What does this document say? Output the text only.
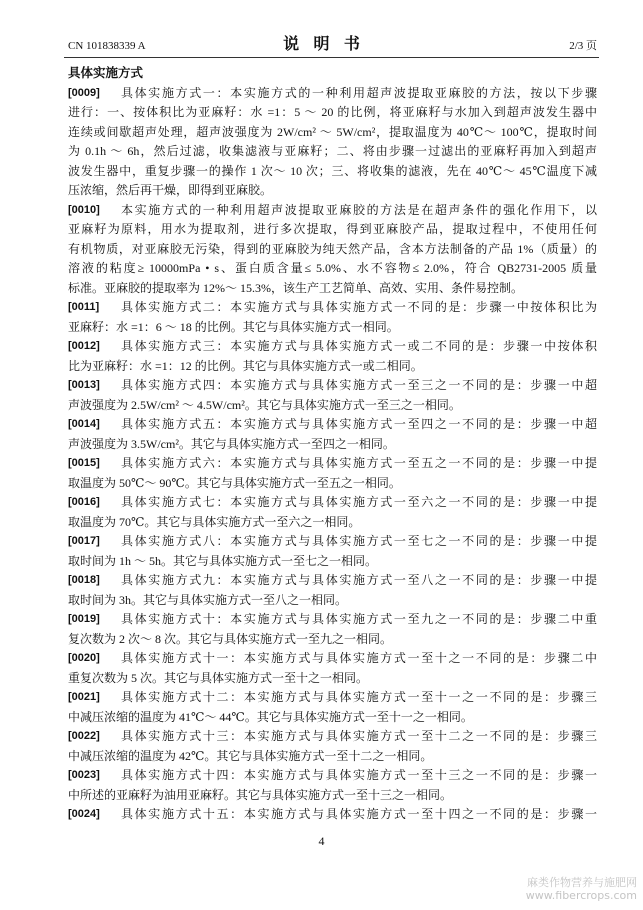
CN 101838339 A	说明书	2/3 页
具体实施方式
[0009]	具体实施方式一：本实施方式的一种利用超声波提取亚麻胶的方法，按以下步骤
进行：一、按体积比为亚麻籽：水 =1：5 ～ 20 的比例，将亚麻籽与水加入到超声波发生器中
连续或间歇超声处理，超声波强度为 2W/cm² ～ 5W/cm²，提取温度为 40℃～ 100℃，提取时间
为 0.1h ～ 6h，然后过滤，收集滤液与亚麻籽；二、将由步骤一过滤出的亚麻籽再加入到超声
波发生器中，重复步骤一的操作 1 次～ 10 次；三、将收集的滤液，先在 40℃～ 45℃温度下减
压浓缩，然后再干燥，即得到亚麻胶。
[0010]	本实施方式的一种利用超声波提取亚麻胶的方法是在超声条件的强化作用下，以
亚麻籽为原料，用水为提取剂，进行多次提取，得到亚麻胶产品，提取过程中，不使用任何
有机物质，对亚麻胶无污染，得到的亚麻胶为纯天然产品，含本方法制备的产品 1%（质量）的
溶液的粘度≥ 10000mPa • s、蛋白质含量≤ 5.0%、水不容物≤ 2.0%，符合 QB2731-2005 质量
标准。亚麻胶的提取率为 12%～ 15.3%，该生产工艺简单、高效、实用、条件易控制。
[0011]	具体实施方式二：本实施方式与具体实施方式一不同的是：步骤一中按体积比为
亚麻籽：水 =1：6 ～ 18 的比例。其它与具体实施方式一相同。
[0012]	具体实施方式三：本实施方式与具体实施方式一或二不同的是：步骤一中按体积
比为亚麻籽：水 =1：12 的比例。其它与具体实施方式一或二相同。
[0013]	具体实施方式四：本实施方式与具体实施方式一至三之一不同的是：步骤一中超
声波强度为 2.5W/cm² ～ 4.5W/cm²。其它与具体实施方式一至三之一相同。
[0014]	具体实施方式五：本实施方式与具体实施方式一至四之一不同的是：步骤一中超
声波强度为 3.5W/cm²。其它与具体实施方式一至四之一相同。
[0015]	具体实施方式六：本实施方式与具体实施方式一至五之一不同的是：步骤一中提
取温度为 50℃～ 90℃。其它与具体实施方式一至五之一相同。
[0016]	具体实施方式七：本实施方式与具体实施方式一至六之一不同的是：步骤一中提
取温度为 70℃。其它与具体实施方式一至六之一相同。
[0017]	具体实施方式八：本实施方式与具体实施方式一至七之一不同的是：步骤一中提
取时间为 1h ～ 5h。其它与具体实施方式一至七之一相同。
[0018]	具体实施方式九：本实施方式与具体实施方式一至八之一不同的是：步骤一中提
取时间为 3h。其它与具体实施方式一至八之一相同。
[0019]	具体实施方式十：本实施方式与具体实施方式一至九之一不同的是：步骤二中重
复次数为 2 次～ 8 次。其它与具体实施方式一至九之一相同。
[0020]	具体实施方式十一：本实施方式与具体实施方式一至十之一不同的是：步骤二中
重复次数为 5 次。其它与具体实施方式一至十之一相同。
[0021]	具体实施方式十二：本实施方式与具体实施方式一至十一之一不同的是：步骤三
中减压浓缩的温度为 41℃～ 44℃。其它与具体实施方式一至十一之一相同。
[0022]	具体实施方式十三：本实施方式与具体实施方式一至十二之一不同的是：步骤三
中减压浓缩的温度为 42℃。其它与具体实施方式一至十二之一相同。
[0023]	具体实施方式十四：本实施方式与具体实施方式一至十三之一不同的是：步骤一
中所述的亚麻籽为油用亚麻籽。其它与具体实施方式一至十三之一相同。
[0024]	具体实施方式十五：本实施方式与具体实施方式一至十四之一不同的是：步骤一
4
麻类作物营养与施肥网
www.fibercrops.com
